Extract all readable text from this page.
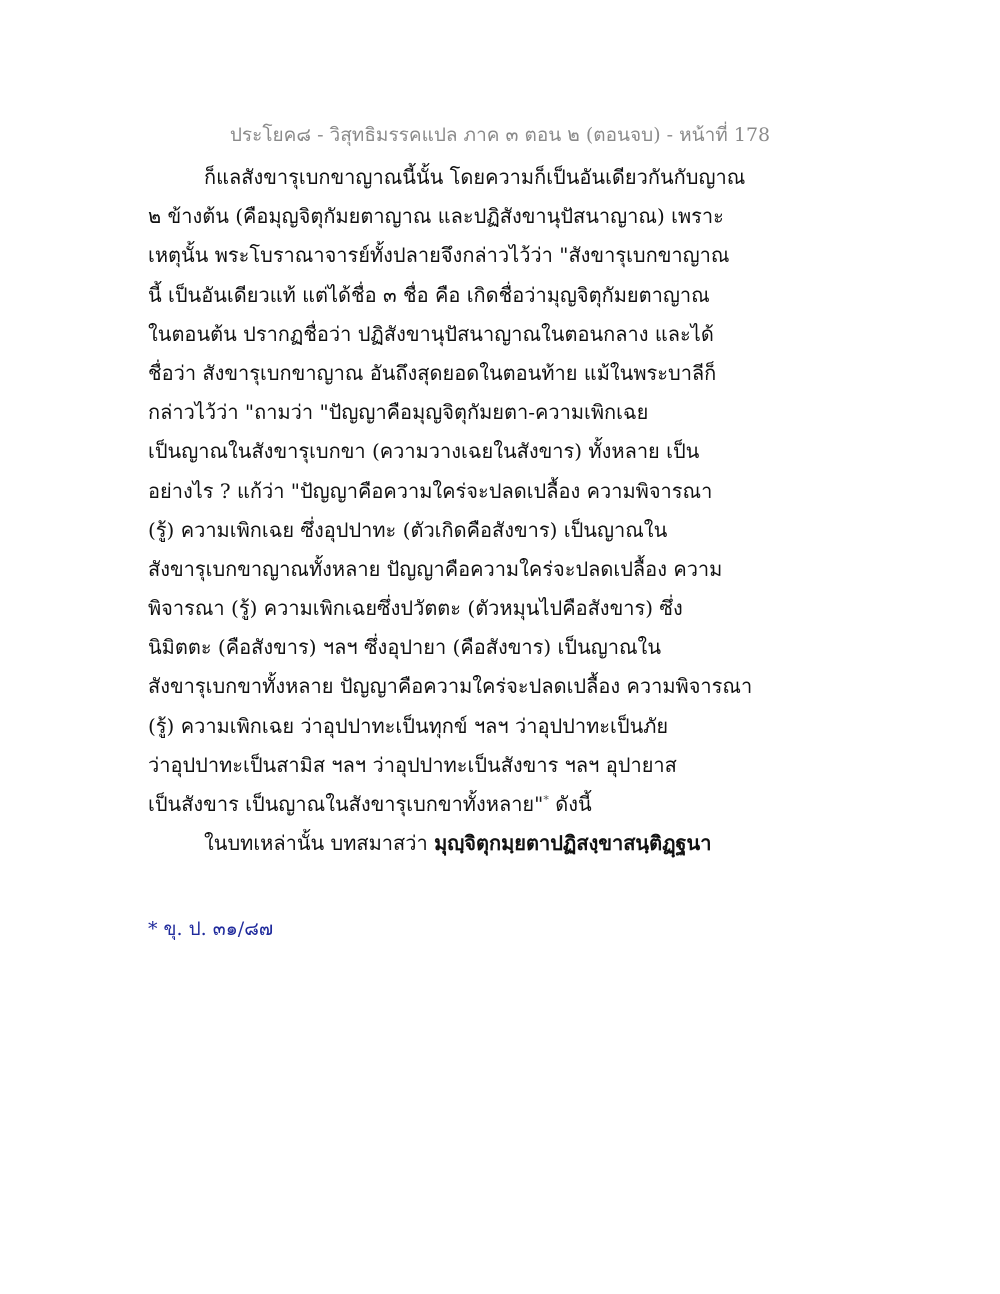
ประโยค๘ - วิสุทธิมรรคแปล ภาค ๓ ตอน ๒ (ตอนจบ) - หน้าที่ 178
ก็แลสังขารุเบกขาญาณนี้นั้น โดยความก็เป็นอันเดียวกันกับญาณ
๒ ข้างต้น (คือมุญจิตุกัมยตาญาณ และปฏิสังขานุปัสนาญาณ) เพราะ
เหตุนั้น พระโบราณาจารย์ทั้งปลายจึงกล่าวไว้ว่า "สังขารุเบกขาญาณ
นี้ เป็นอันเดียวแท้ แต่ได้ชื่อ ๓ ชื่อ คือ เกิดชื่อว่ามุญจิตุกัมยตาญาณ
ในตอนต้น ปรากฏชื่อว่า ปฏิสังขานุปัสนาญาณในตอนกลาง และได้
ชื่อว่า สังขารุเบกขาญาณ อันถึงสุดยอดในตอนท้าย แม้ในพระบาลีก็
กล่าวไว้ว่า "ถามว่า "ปัญญาคือมุญจิตุกัมยตา-ความเพิกเฉย
เป็นญาณในสังขารุเบกขา (ความวางเฉยในสังขาร) ทั้งหลาย เป็น
อย่างไร ? แก้ว่า "ปัญญาคือความใคร่จะปลดเปลื้อง ความพิจารณา
(รู้) ความเพิกเฉย ซึ่งอุปปาทะ (ตัวเกิดคือสังขาร) เป็นญาณใน
สังขารุเบกขาญาณทั้งหลาย ปัญญาคือความใคร่จะปลดเปลื้อง ความ
พิจารณา (รู้) ความเพิกเฉยซึ่งปวัตตะ (ตัวหมุนไปคือสังขาร) ซึ่ง
นิมิตตะ (คือสังขาร) ฯลฯ ซึ่งอุปายา (คือสังขาร) เป็นญาณใน
สังขารุเบกขาทั้งหลาย ปัญญาคือความใคร่จะปลดเปลื้อง ความพิจารณา
(รู้) ความเพิกเฉย ว่าอุปปาทะเป็นทุกข์ ฯลฯ ว่าอุปปาทะเป็นภัย
ว่าอุปปาทะเป็นสามิส ฯลฯ ว่าอุปปาทะเป็นสังขาร ฯลฯ อุปายาส
เป็นสังขาร เป็นญาณในสังขารุเบกขาทั้งหลาย"* ดังนี้
ในบทเหล่านั้น บทสมาสว่า มุญฺจิตุกมฺยตาปฏิสงฺขาสนฺติฏฺฐนา
* ขุ. ป. ๓๑/๘๗
